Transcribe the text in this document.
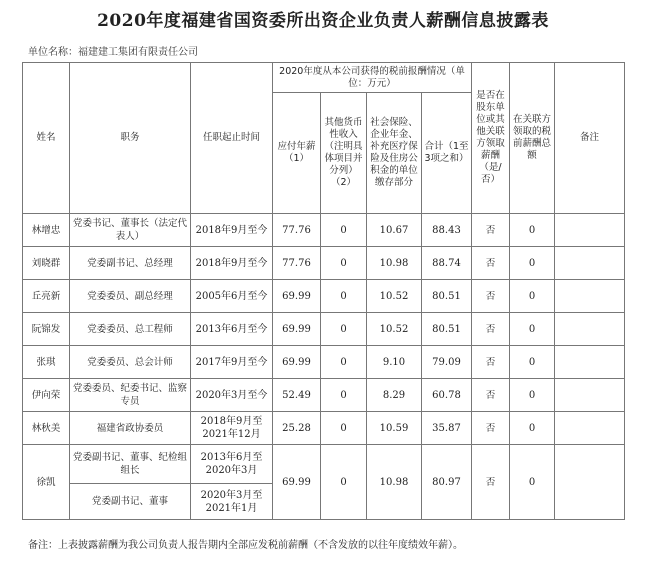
2020年度福建省国资委所出资企业负责人薪酬信息披露表
单位名称：福建建工集团有限责任公司
姓名	职务	任职起止时间	2020年度从本公司获得的税前报酬情况（单位：万元）				是否在股东单位或其他关联方领取薪酬（是/否）	在关联方领取的税前薪酬总额	备注
			应付年薪（1）	其他货币性收入（注明具体项目并分列）（2）	社会保险、企业年金、补充医疗保险及住房公积金的单位缴存部分	合计（1至3项之和）			
林增忠	党委书记、董事长（法定代表人）	2018年9月至今	77.76	0	10.67	88.43	否	0	
刘晓群	党委副书记、总经理	2018年9月至今	77.76	0	10.98	88.74	否	0	
丘亮新	党委委员、副总经理	2005年6月至今	69.99	0	10.52	80.51	否	0	
阮锦发	党委委员、总工程师	2013年6月至今	69.99	0	10.52	80.51	否	0	
张琪	党委委员、总会计师	2017年9月至今	69.99	0	9.10	79.09	否	0	
伊向荣	党委委员、纪委书记、监察专员	2020年3月至今	52.49	0	8.29	60.78	否	0	
林秋美	福建省政协委员	2018年9月至2021年12月	25.28	0	10.59	35.87	否	0	
徐凯	党委副书记、董事、纪检组组长	2013年6月至2020年3月	69.99	0	10.98	80.97	否	0	
	党委副书记、董事	2020年3月至2021年1月							
备注：上表披露薪酬为我公司负责人报告期内全部应发税前薪酬（不含发放的以往年度绩效年薪）。
